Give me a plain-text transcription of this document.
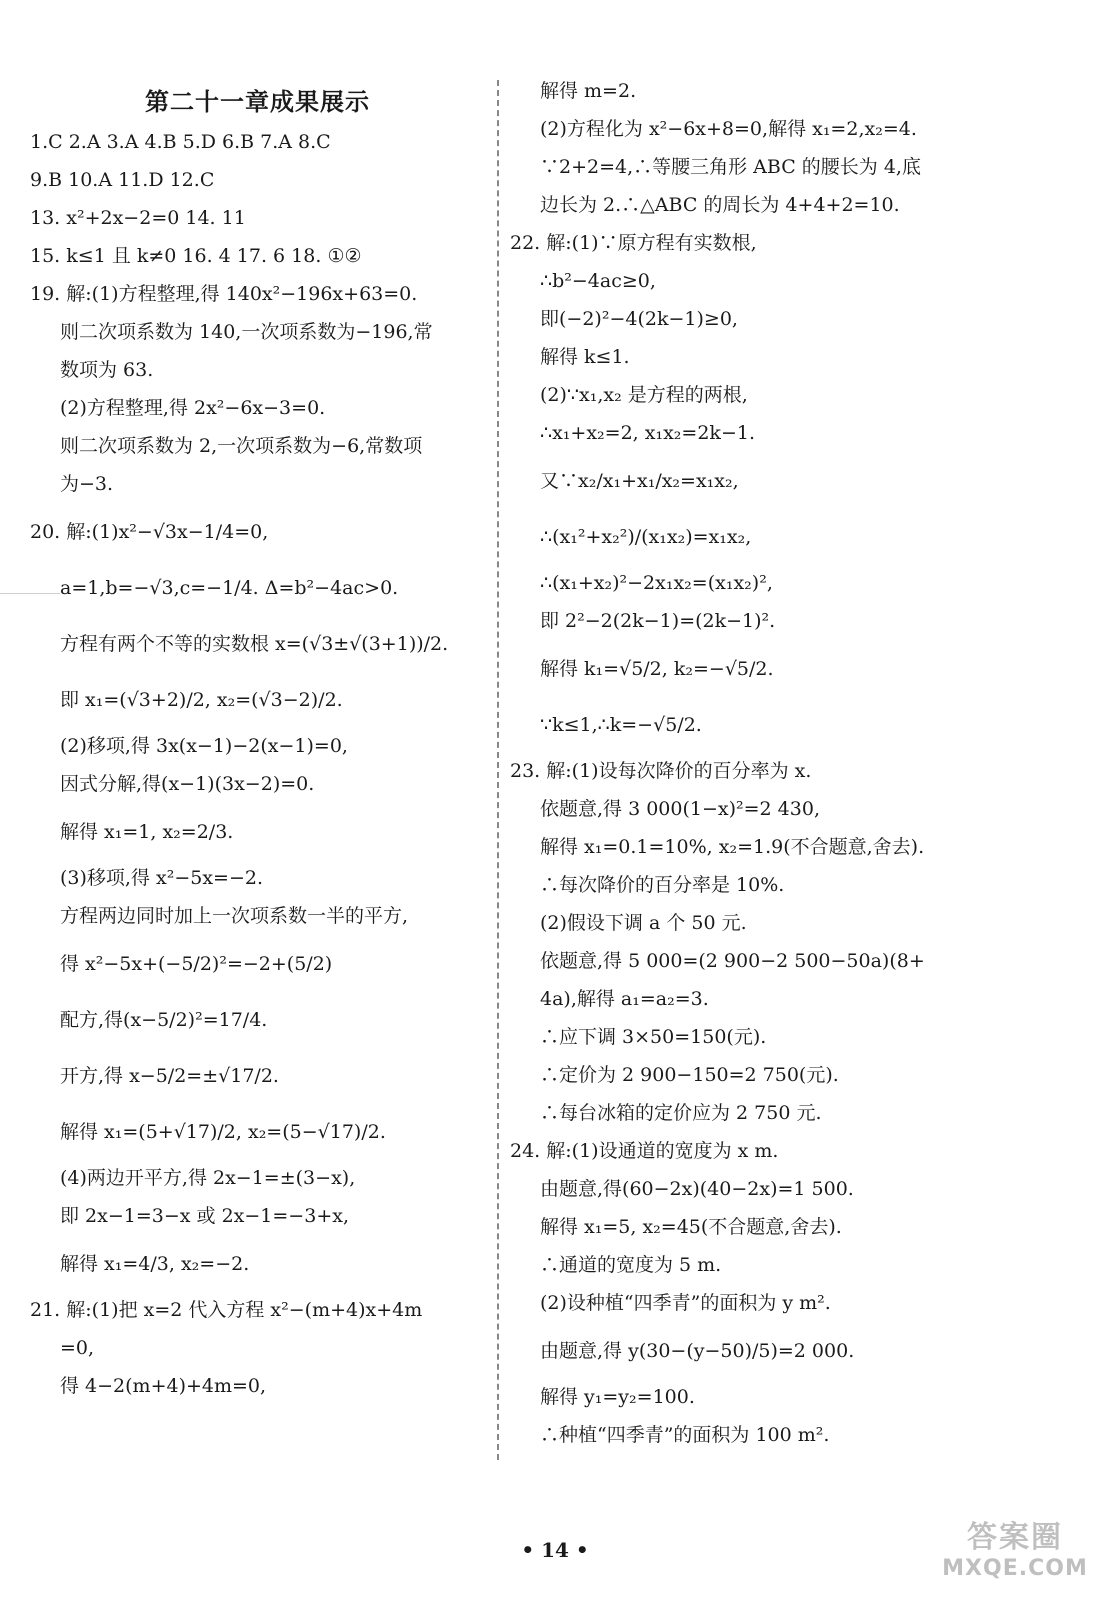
第二十一章成果展示
1.C 2.A 3.A 4.B 5.D 6.B 7.A 8.C
9.B 10.A 11.D 12.C
13. x²+2x−2=0 14. 11
15. k≤1 且 k≠0 16. 4 17. 6 18. ①②
19. 解:(1)方程整理,得 140x²−196x+63=0.
则二次项系数为 140,一次项系数为−196,常
数项为 63.
(2)方程整理,得 2x²−6x−3=0.
则二次项系数为 2,一次项系数为−6,常数项
为−3.
20. 解:(1)x²−√3x−1/4=0,
a=1,b=−√3,c=−1/4. Δ=b²−4ac>0.
方程有两个不等的实数根 x=(√3±√(3+1))/2.
即 x₁=(√3+2)/2, x₂=(√3−2)/2.
(2)移项,得 3x(x−1)−2(x−1)=0,
因式分解,得(x−1)(3x−2)=0.
解得 x₁=1, x₂=2/3.
(3)移项,得 x²−5x=−2.
方程两边同时加上一次项系数一半的平方,
得 x²−5x+(−5/2)²=−2+(5/2)
配方,得(x−5/2)²=17/4.
开方,得 x−5/2=±√17/2.
解得 x₁=(5+√17)/2, x₂=(5−√17)/2.
(4)两边开平方,得 2x−1=±(3−x),
即 2x−1=3−x 或 2x−1=−3+x,
解得 x₁=4/3, x₂=−2.
21. 解:(1)把 x=2 代入方程 x²−(m+4)x+4m
=0,
得 4−2(m+4)+4m=0,
解得 m=2.
(2)方程化为 x²−6x+8=0,解得 x₁=2,x₂=4.
∵2+2=4,∴等腰三角形 ABC 的腰长为 4,底
边长为 2.∴△ABC 的周长为 4+4+2=10.
22. 解:(1)∵原方程有实数根,
∴b²−4ac≥0,
即(−2)²−4(2k−1)≥0,
解得 k≤1.
(2)∵x₁,x₂ 是方程的两根,
∴x₁+x₂=2, x₁x₂=2k−1.
又∵x₂/x₁+x₁/x₂=x₁x₂,
∴(x₁²+x₂²)/(x₁x₂)=x₁x₂,
∴(x₁+x₂)²−2x₁x₂=(x₁x₂)²,
即 2²−2(2k−1)=(2k−1)².
解得 k₁=√5/2, k₂=−√5/2.
∵k≤1,∴k=−√5/2.
23. 解:(1)设每次降价的百分率为 x.
依题意,得 3 000(1−x)²=2 430,
解得 x₁=0.1=10%, x₂=1.9(不合题意,舍去).
∴每次降价的百分率是 10%.
(2)假设下调 a 个 50 元.
依题意,得 5 000=(2 900−2 500−50a)(8+
4a),解得 a₁=a₂=3.
∴应下调 3×50=150(元).
∴定价为 2 900−150=2 750(元).
∴每台冰箱的定价应为 2 750 元.
24. 解:(1)设通道的宽度为 x m.
由题意,得(60−2x)(40−2x)=1 500.
解得 x₁=5, x₂=45(不合题意,舍去).
∴通道的宽度为 5 m.
(2)设种植“四季青”的面积为 y m².
由题意,得 y(30−(y−50)/5)=2 000.
解得 y₁=y₂=100.
∴种植“四季青”的面积为 100 m².
• 14 •	答案圈
MXQE.COM
